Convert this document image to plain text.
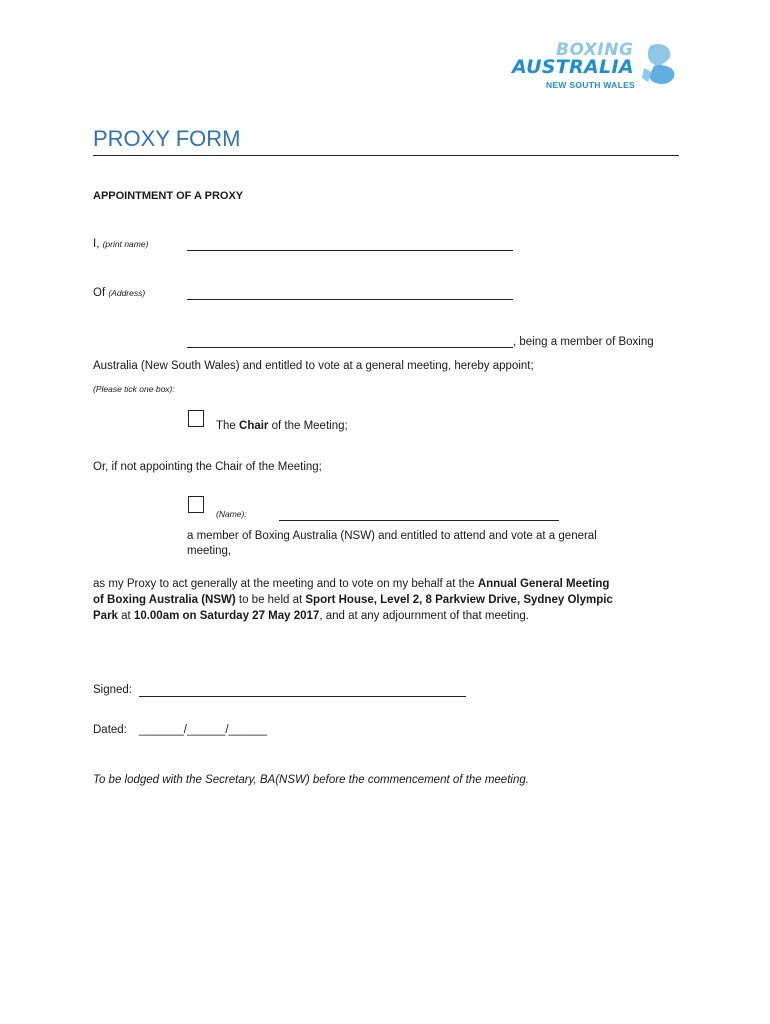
BOXING
AUSTRALIA
NEW SOUTH WALES
PROXY FORM
APPOINTMENT OF A PROXY
I, (print name)
Of (Address)
, being a member of Boxing
Australia (New South Wales) and entitled to vote at a general meeting, hereby appoint;
(Please tick one box):
The Chair of the Meeting;
Or, if not appointing the Chair of the Meeting;
(Name):
a member of Boxing Australia (NSW) and entitled to attend and vote at a general
meeting,
as my Proxy to act generally at the meeting and to vote on my behalf at the Annual General Meeting
of Boxing Australia (NSW) to be held at Sport House, Level 2, 8 Parkview Drive, Sydney Olympic
Park at 10.00am on Saturday 27 May 2017, and at any adjournment of that meeting.
Signed:
Dated: _______/______/______
To be lodged with the Secretary, BA(NSW) before the commencement of the meeting.
